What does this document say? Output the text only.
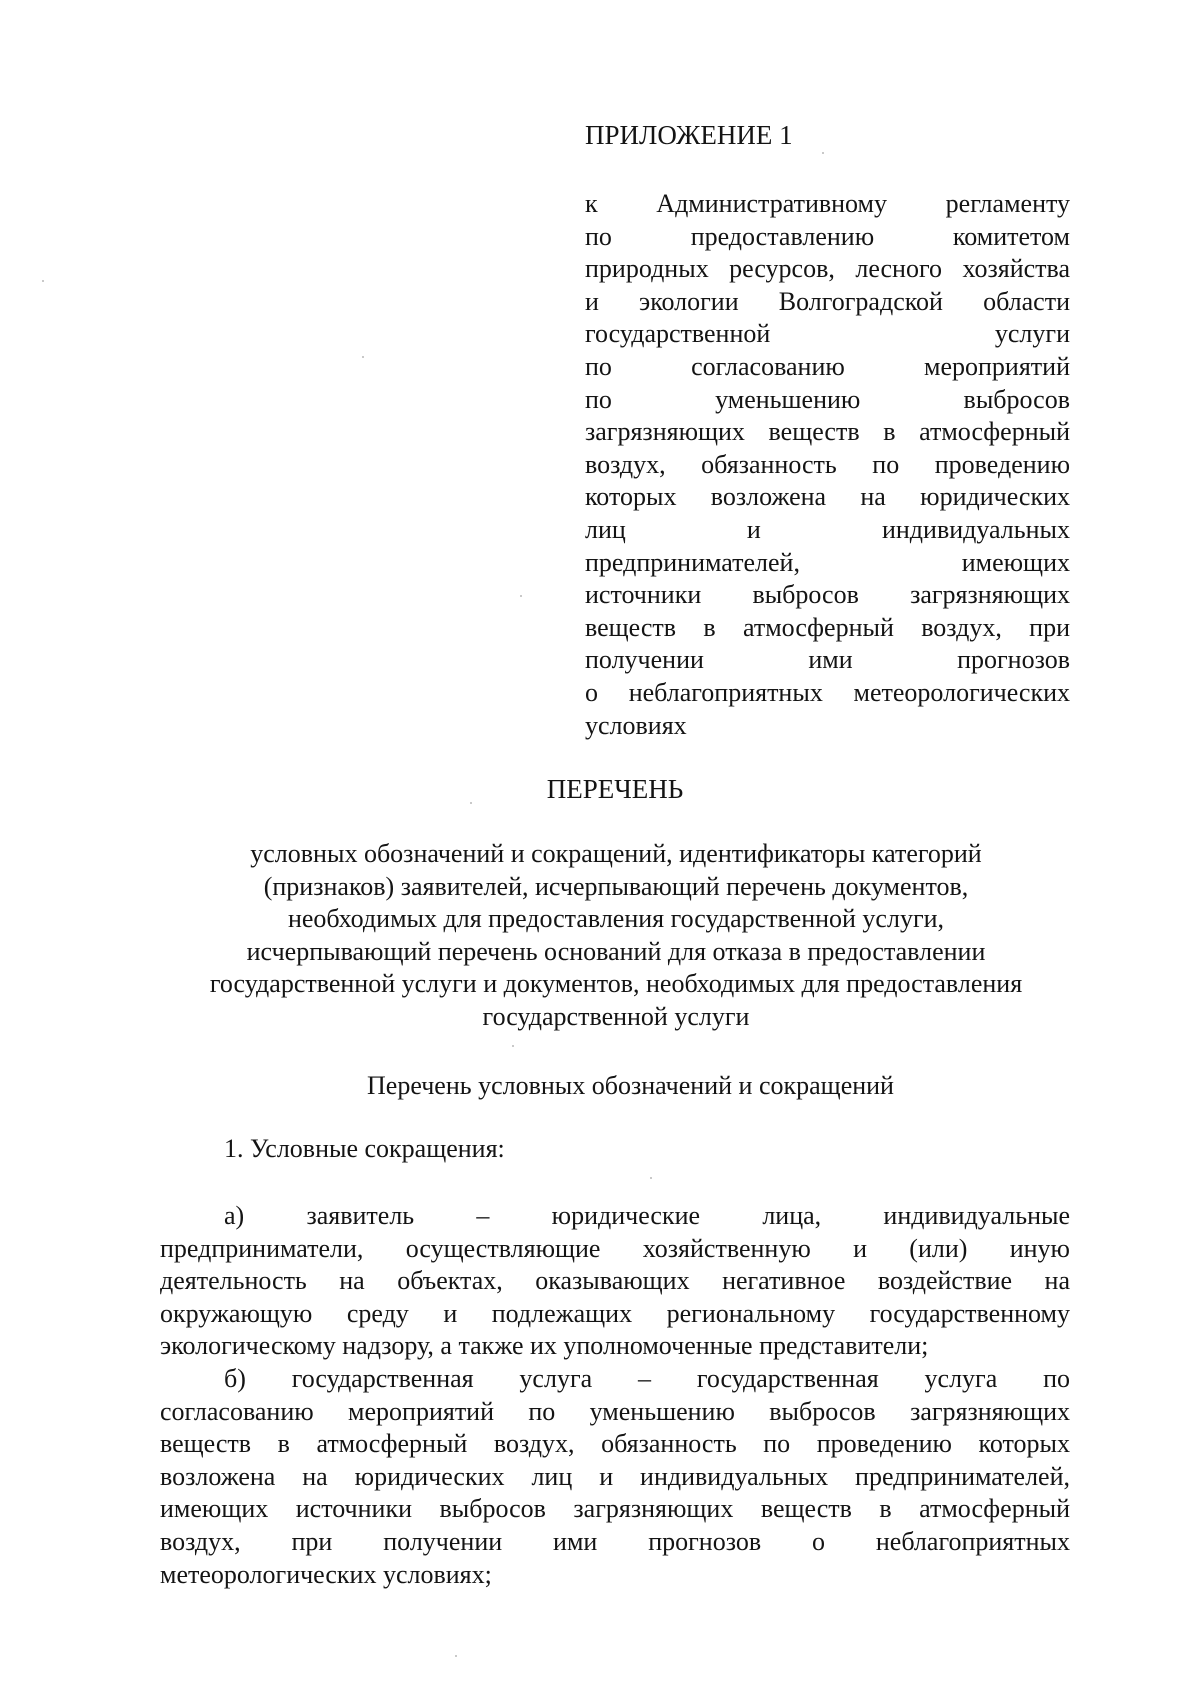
ПРИЛОЖЕНИЕ 1
к Административному регламенту
по предоставлению комитетом
природных ресурсов, лесного хозяйства
и экологии Волгоградской области
государственной услуги
по согласованию мероприятий
по уменьшению выбросов
загрязняющих веществ в атмосферный
воздух, обязанность по проведению
которых возложена на юридических
лиц и индивидуальных
предпринимателей, имеющих
источники выбросов загрязняющих
веществ в атмосферный воздух, при
получении ими прогнозов
о неблагоприятных метеорологических
условиях
ПЕРЕЧЕНЬ
условных обозначений и сокращений, идентификаторы категорий
(признаков) заявителей, исчерпывающий перечень документов,
необходимых для предоставления государственной услуги,
исчерпывающий перечень оснований для отказа в предоставлении
государственной услуги и документов, необходимых для предоставления
государственной услуги
Перечень условных обозначений и сокращений
1. Условные сокращения:
а) заявитель – юридические лица, индивидуальные
предприниматели, осуществляющие хозяйственную и (или) иную
деятельность на объектах, оказывающих негативное воздействие на
окружающую среду и подлежащих региональному государственному
экологическому надзору, а также их уполномоченные представители;
б) государственная услуга – государственная услуга по
согласованию мероприятий по уменьшению выбросов загрязняющих
веществ в атмосферный воздух, обязанность по проведению которых
возложена на юридических лиц и индивидуальных предпринимателей,
имеющих источники выбросов загрязняющих веществ в атмосферный
воздух, при получении ими прогнозов о неблагоприятных
метеорологических условиях;
